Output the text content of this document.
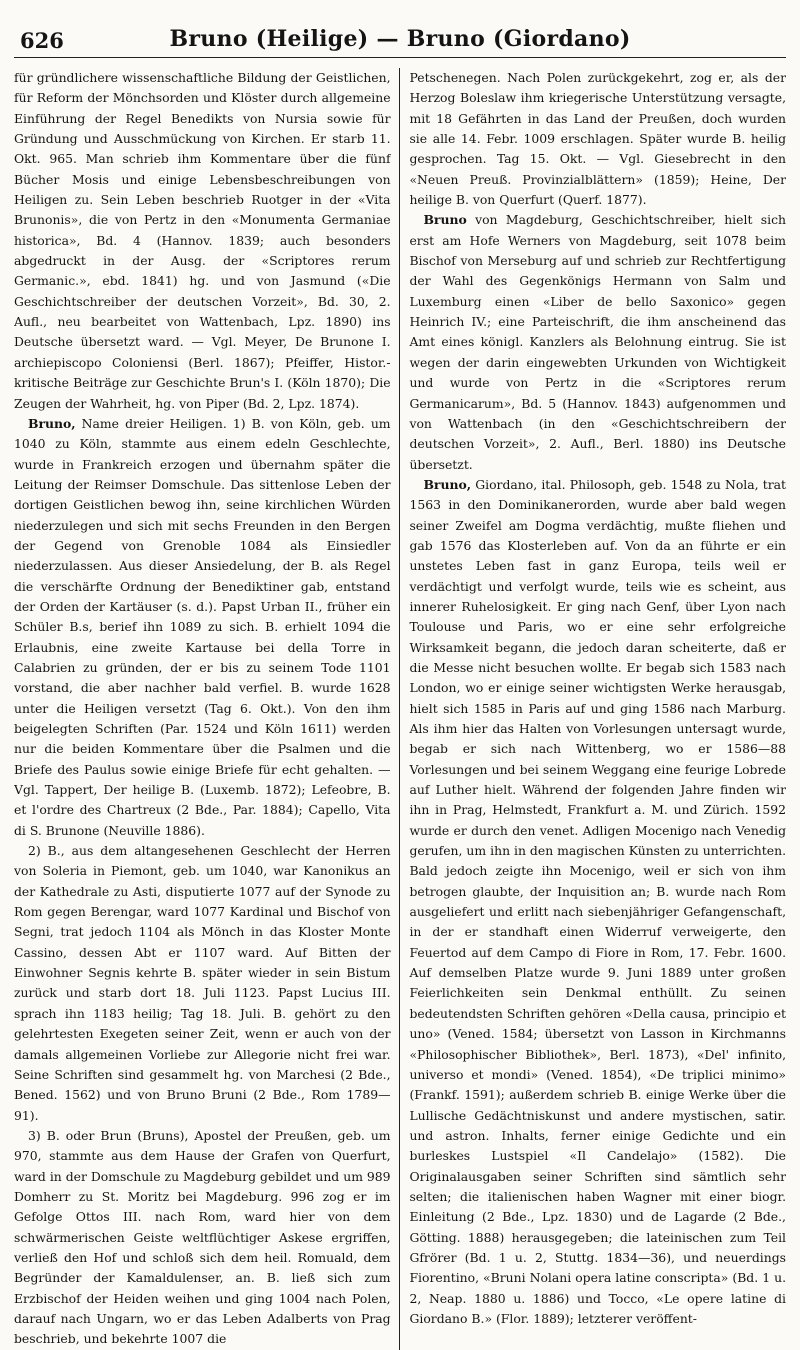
626	Bruno (Heilige) — Bruno (Giordano)

für gründlichere wissenschaftliche Bildung der Geistlichen, für Reform der Mönchsorden und Klöster durch allgemeine Einführung der Regel Benedikts von Nursia sowie für Gründung und Ausschmückung von Kirchen. Er starb 11. Okt. 965. Man schrieb ihm Kommentare über die fünf Bücher Mosis und einige Lebensbeschreibungen von Heiligen zu. Sein Leben beschrieb Ruotger in der «Vita Brunonis», die von Pertz in den «Monumenta Germaniae historica», Bd. 4 (Hannov. 1839; auch besonders abgedruckt in der Ausg. der «Scriptores rerum Germanic.», ebd. 1841) hg. und von Jasmund («Die Geschichtschreiber der deutschen Vorzeit», Bd. 30, 2. Aufl., neu bearbeitet von Wattenbach, Lpz. 1890) ins Deutsche übersetzt ward. — Vgl. Meyer, De Brunone I. archiepiscopo Coloniensi (Berl. 1867); Pfeiffer, Histor.-kritische Beiträge zur Geschichte Brun's I. (Köln 1870); Die Zeugen der Wahrheit, hg. von Piper (Bd. 2, Lpz. 1874).

Bruno, Name dreier Heiligen. 1) B. von Köln, geb. um 1040 zu Köln, stammte aus einem edeln Geschlechte, wurde in Frankreich erzogen und übernahm später die Leitung der Reimser Domschule. Das sittenlose Leben der dortigen Geistlichen bewog ihn, seine kirchlichen Würden niederzulegen und sich mit sechs Freunden in den Bergen der Gegend von Grenoble 1084 als Einsiedler niederzulassen. Aus dieser Ansiedelung, der B. als Regel die verschärfte Ordnung der Benediktiner gab, entstand der Orden der Kartäuser (s. d.). Papst Urban II., früher ein Schüler B.s, berief ihn 1089 zu sich. B. erhielt 1094 die Erlaubnis, eine zweite Kartause bei della Torre in Calabrien zu gründen, der er bis zu seinem Tode 1101 vorstand, die aber nachher bald verfiel. B. wurde 1628 unter die Heiligen versetzt (Tag 6. Okt.). Von den ihm beigelegten Schriften (Par. 1524 und Köln 1611) werden nur die beiden Kommentare über die Psalmen und die Briefe des Paulus sowie einige Briefe für echt gehalten. — Vgl. Tappert, Der heilige B. (Luxemb. 1872); Lefeobre, B. et l'ordre des Chartreux (2 Bde., Par. 1884); Capello, Vita di S. Brunone (Neuville 1886).

2) B., aus dem altangesehenen Geschlecht der Herren von Soleria in Piemont, geb. um 1040, war Kanonikus an der Kathedrale zu Asti, disputierte 1077 auf der Synode zu Rom gegen Berengar, ward 1077 Kardinal und Bischof von Segni, trat jedoch 1104 als Mönch in das Kloster Monte Cassino, dessen Abt er 1107 ward. Auf Bitten der Einwohner Segnis kehrte B. später wieder in sein Bistum zurück und starb dort 18. Juli 1123. Papst Lucius III. sprach ihn 1183 heilig; Tag 18. Juli. B. gehört zu den gelehrtesten Exegeten seiner Zeit, wenn er auch von der damals allgemeinen Vorliebe zur Allegorie nicht frei war. Seine Schriften sind gesammelt hg. von Marchesi (2 Bde., Bened. 1562) und von Bruno Bruni (2 Bde., Rom 1789—91).

3) B. oder Brun (Bruns), Apostel der Preußen, geb. um 970, stammte aus dem Hause der Grafen von Querfurt, ward in der Domschule zu Magdeburg gebildet und um 989 Domherr zu St. Moritz bei Magdeburg. 996 zog er im Gefolge Ottos III. nach Rom, ward hier von dem schwärmerischen Geiste weltflüchtiger Askese ergriffen, verließ den Hof und schloß sich dem heil. Romuald, dem Begründer der Kamaldulenser, an. B. ließ sich zum Erzbischof der Heiden weihen und ging 1004 nach Polen, darauf nach Ungarn, wo er das Leben Adalberts von Prag beschrieb, und bekehrte 1007 die

Petschenegen. Nach Polen zurückgekehrt, zog er, als der Herzog Boleslaw ihm kriegerische Unterstützung versagte, mit 18 Gefährten in das Land der Preußen, doch wurden sie alle 14. Febr. 1009 erschlagen. Später wurde B. heilig gesprochen. Tag 15. Okt. — Vgl. Giesebrecht in den «Neuen Preuß. Provinzialblättern» (1859); Heine, Der heilige B. von Querfurt (Querf. 1877).

Bruno von Magdeburg, Geschichtschreiber, hielt sich erst am Hofe Werners von Magdeburg, seit 1078 beim Bischof von Merseburg auf und schrieb zur Rechtfertigung der Wahl des Gegenkönigs Hermann von Salm und Luxemburg einen «Liber de bello Saxonico» gegen Heinrich IV.; eine Parteischrift, die ihm anscheinend das Amt eines königl. Kanzlers als Belohnung eintrug. Sie ist wegen der darin eingewebten Urkunden von Wichtigkeit und wurde von Pertz in die «Scriptores rerum Germanicarum», Bd. 5 (Hannov. 1843) aufgenommen und von Wattenbach (in den «Geschichtschreibern der deutschen Vorzeit», 2. Aufl., Berl. 1880) ins Deutsche übersetzt.

Bruno, Giordano, ital. Philosoph, geb. 1548 zu Nola, trat 1563 in den Dominikanerorden, wurde aber bald wegen seiner Zweifel am Dogma verdächtig, mußte fliehen und gab 1576 das Klosterleben auf. Von da an führte er ein unstetes Leben fast in ganz Europa, teils weil er verdächtigt und verfolgt wurde, teils wie es scheint, aus innerer Ruhelosigkeit. Er ging nach Genf, über Lyon nach Toulouse und Paris, wo er eine sehr erfolgreiche Wirksamkeit begann, die jedoch daran scheiterte, daß er die Messe nicht besuchen wollte. Er begab sich 1583 nach London, wo er einige seiner wichtigsten Werke herausgab, hielt sich 1585 in Paris auf und ging 1586 nach Marburg. Als ihm hier das Halten von Vorlesungen untersagt wurde, begab er sich nach Wittenberg, wo er 1586—88 Vorlesungen und bei seinem Weggang eine feurige Lobrede auf Luther hielt. Während der folgenden Jahre finden wir ihn in Prag, Helmstedt, Frankfurt a. M. und Zürich. 1592 wurde er durch den venet. Adligen Mocenigo nach Venedig gerufen, um ihn in den magischen Künsten zu unterrichten. Bald jedoch zeigte ihn Mocenigo, weil er sich von ihm betrogen glaubte, der Inquisition an; B. wurde nach Rom ausgeliefert und erlitt nach siebenjähriger Gefangenschaft, in der er standhaft einen Widerruf verweigerte, den Feuertod auf dem Campo di Fiore in Rom, 17. Febr. 1600. Auf demselben Platze wurde 9. Juni 1889 unter großen Feierlichkeiten sein Denkmal enthüllt. Zu seinen bedeutendsten Schriften gehören «Della causa, principio et uno» (Vened. 1584; übersetzt von Lasson in Kirchmanns «Philosophischer Bibliothek», Berl. 1873), «Del' infinito, universo et mondi» (Vened. 1854), «De triplici minimo» (Frankf. 1591); außerdem schrieb B. einige Werke über die Lullische Gedächtniskunst und andere mystischen, satir. und astron. Inhalts, ferner einige Gedichte und ein burleskes Lustspiel «Il Candelajo» (1582). Die Originalausgaben seiner Schriften sind sämtlich sehr selten; die italienischen haben Wagner mit einer biogr. Einleitung (2 Bde., Lpz. 1830) und de Lagarde (2 Bde., Götting. 1888) herausgegeben; die lateinischen zum Teil Gfrörer (Bd. 1 u. 2, Stuttg. 1834—36), und neuerdings Fiorentino, «Bruni Nolani opera latine conscripta» (Bd. 1 u. 2, Neap. 1880 u. 1886) und Tocco, «Le opere latine di Giordano B.» (Flor. 1889); letzterer veröffent-
